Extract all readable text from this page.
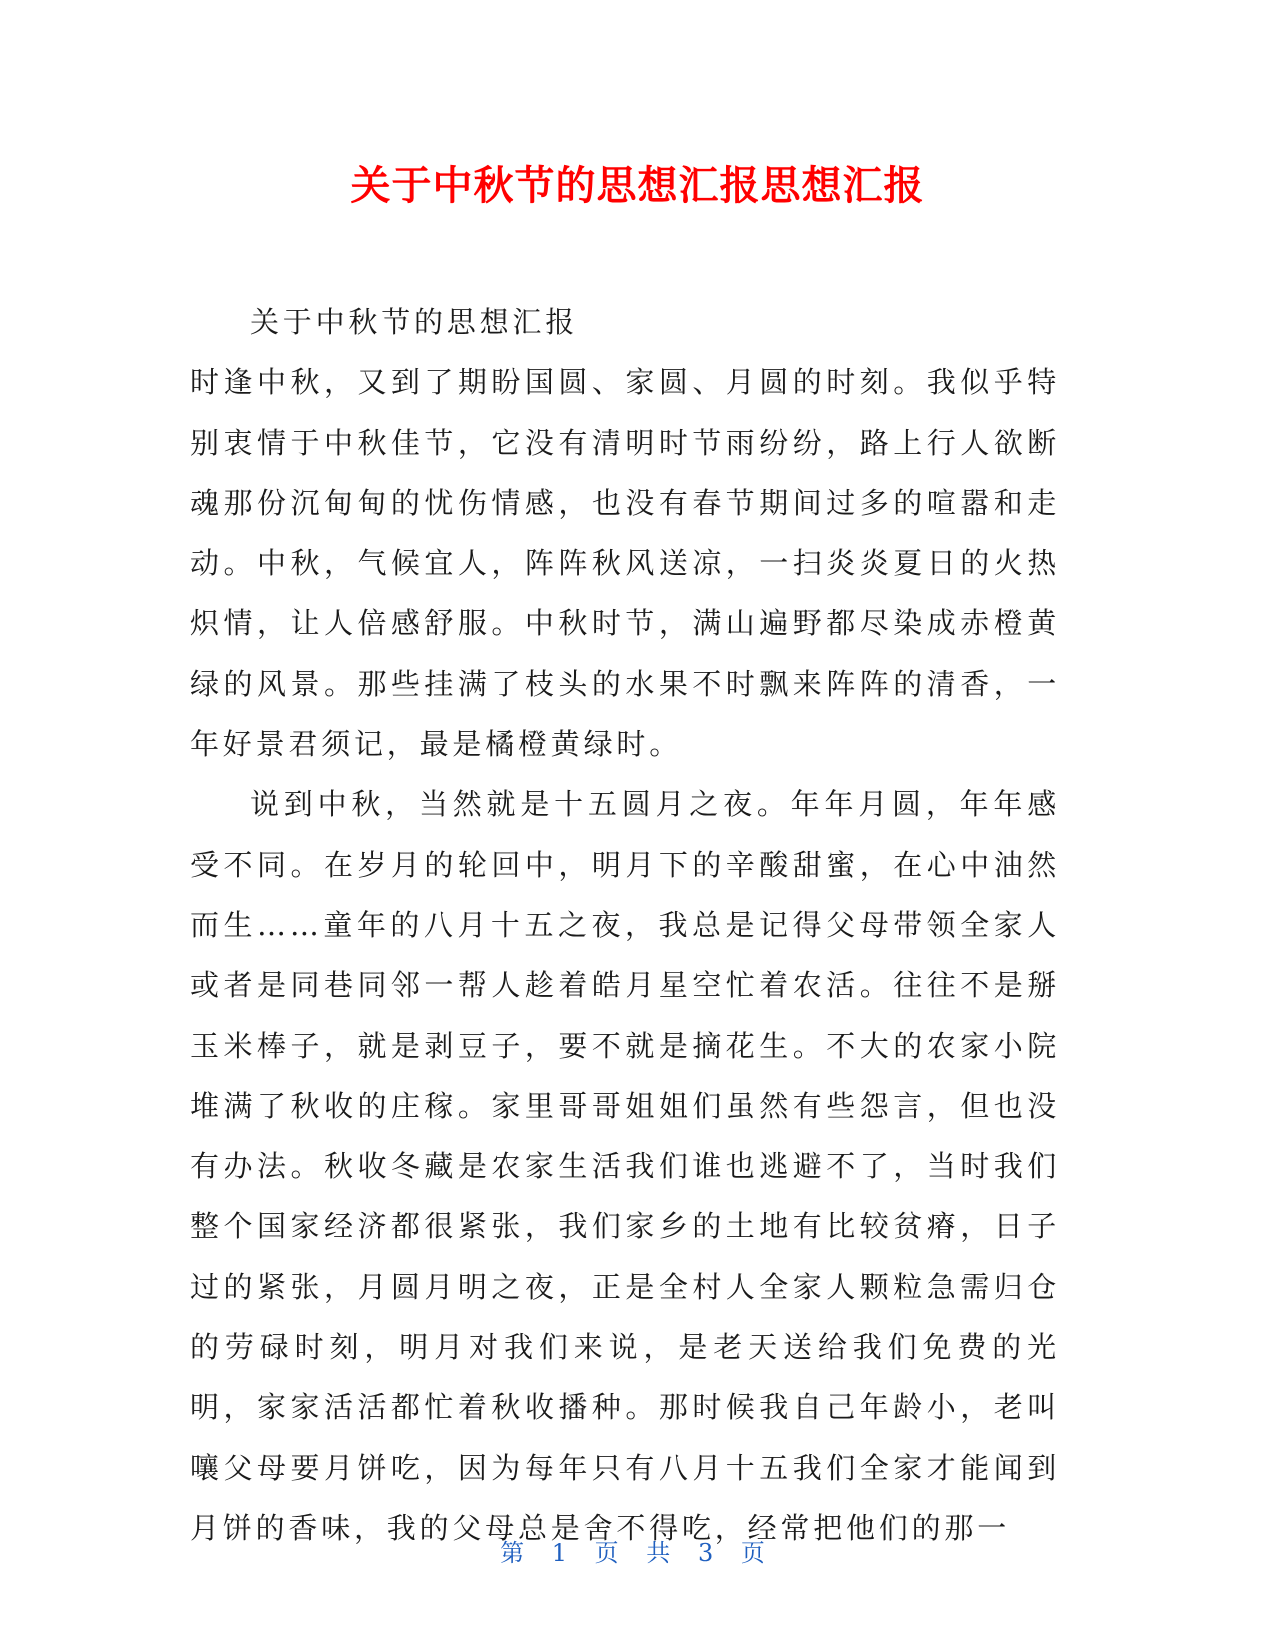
关于中秋节的思想汇报思想汇报

关于中秋节的思想汇报

时逢中秋，又到了期盼国圆、家圆、月圆的时刻。我似乎特别衷情于中秋佳节，它没有清明时节雨纷纷，路上行人欲断魂那份沉甸甸的忧伤情感，也没有春节期间过多的喧嚣和走动。中秋，气候宜人，阵阵秋风送凉，一扫炎炎夏日的火热炽情，让人倍感舒服。中秋时节，满山遍野都尽染成赤橙黄绿的风景。那些挂满了枝头的水果不时飘来阵阵的清香，一年好景君须记，最是橘橙黄绿时。

说到中秋，当然就是十五圆月之夜。年年月圆，年年感受不同。在岁月的轮回中，明月下的辛酸甜蜜，在心中油然而生……童年的八月十五之夜，我总是记得父母带领全家人或者是同巷同邻一帮人趁着皓月星空忙着农活。往往不是掰玉米棒子，就是剥豆子，要不就是摘花生。不大的农家小院堆满了秋收的庄稼。家里哥哥姐姐们虽然有些怨言，但也没有办法。秋收冬藏是农家生活我们谁也逃避不了，当时我们整个国家经济都很紧张，我们家乡的土地有比较贫瘠，日子过的紧张，月圆月明之夜，正是全村人全家人颗粒急需归仓的劳碌时刻，明月对我们来说，是老天送给我们免费的光明，家家活活都忙着秋收播种。那时候我自己年龄小，老叫嚷父母要月饼吃，因为每年只有八月十五我们全家才能闻到月饼的香味，我的父母总是舍不得吃，经常把他们的那一

第 1 页 共 3 页
